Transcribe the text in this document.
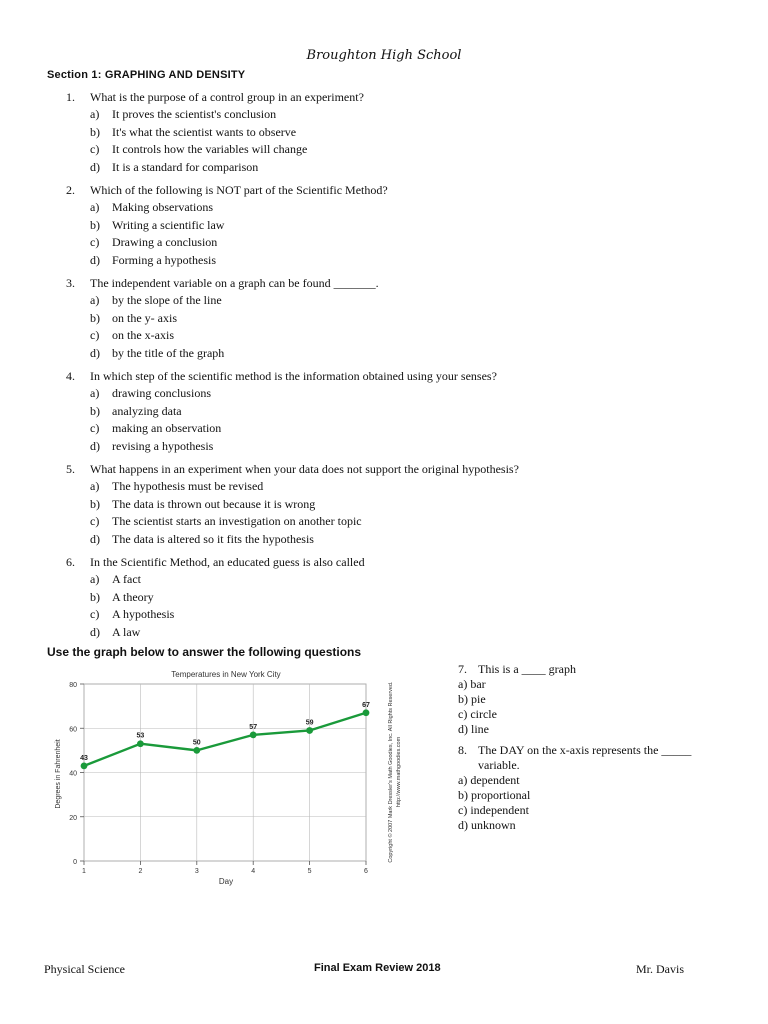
Broughton High School
Section 1: GRAPHING AND DENSITY
1.	What is the purpose of a control group in an experiment?
a)	It proves the scientist's conclusion
b)	It's what the scientist wants to observe
c)	It controls how the variables will change
d)	It is a standard for comparison
2.	Which of the following is NOT part of the Scientific Method?
a)	Making observations
b)	Writing a scientific law
c)	Drawing a conclusion
d)	Forming a hypothesis
3.	The independent variable on a graph can be found _______.
a)	by the slope of the line
b)	on the y- axis
c)	on the x-axis
d)	by the title of the graph
4.	In which step of the scientific method is the information obtained using your senses?
a)	drawing conclusions
b)	analyzing data
c)	making an observation
d)	revising a hypothesis
5.	What happens in an experiment when your data does not support the original hypothesis?
a)	The hypothesis must be revised
b)	The data is thrown out because it is wrong
c)	The scientist starts an investigation on another topic
d)	The data is altered so it fits the hypothesis
6.	In the Scientific Method, an educated guess is also called
a)	A fact
b)	A theory
c)	A hypothesis
d)	A law
Use the graph below to answer the following questions
Temperatures in New York City
Degrees in Fahrenheit
Day
Copyright © 2007 Mark Dressler's Math Goodies, Inc. All Rights Reserved. http://www.mathgoodies.com
0
20
40
60
80
1	2	3	4	5	6
43
53
50
57
59
67
7. This is a ____ graph
a) bar
b) pie
c) circle
d) line
8. The DAY on the x-axis represents the _____
variable.
a) dependent
b) proportional
c) independent
d) unknown
Physical Science	Final Exam Review 2018	Mr. Davis
